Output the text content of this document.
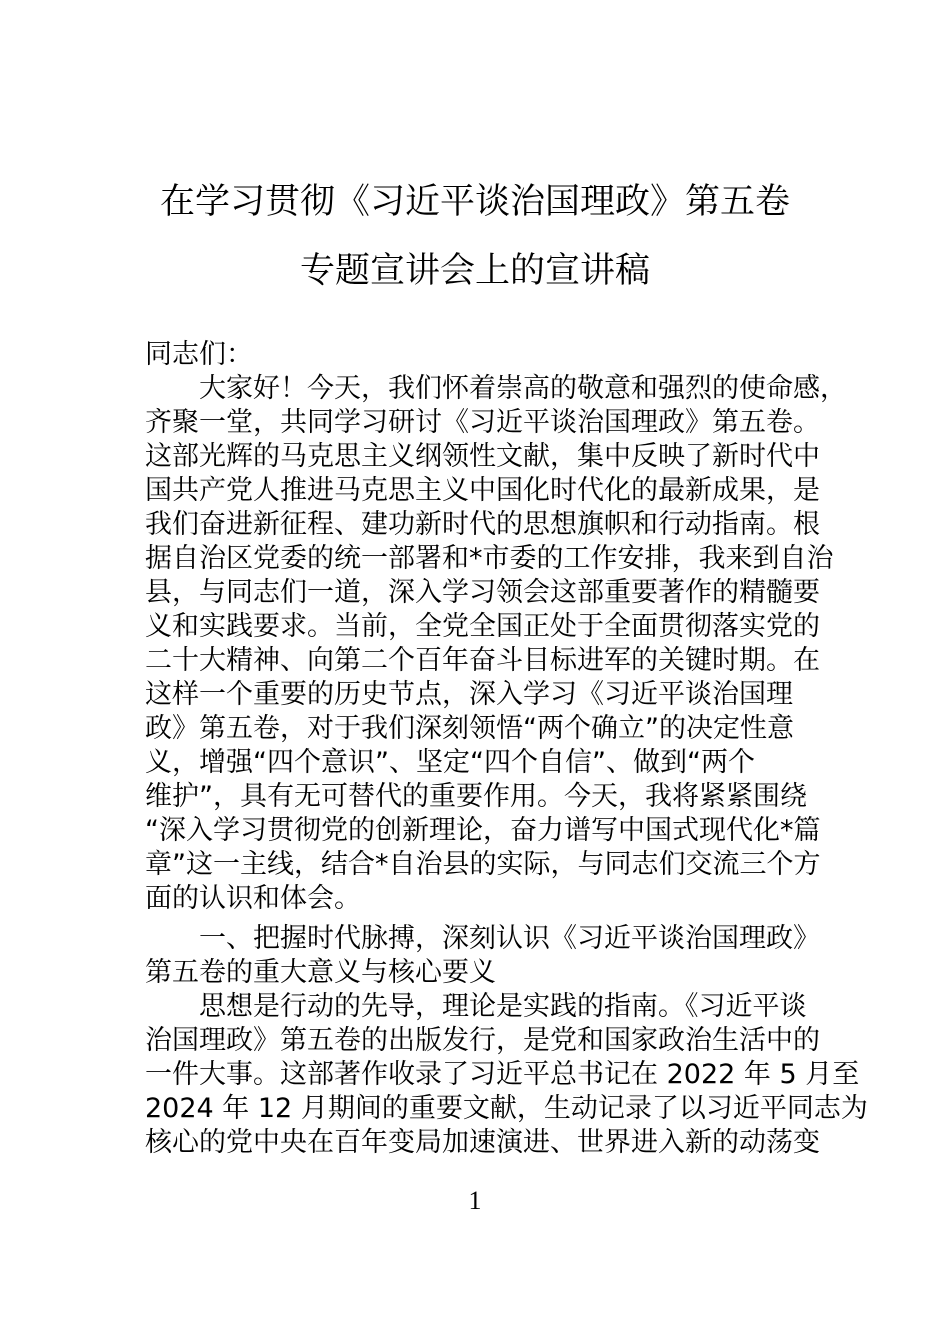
在学习贯彻《习近平谈治国理政》第五卷
专题宣讲会上的宣讲稿
同志们：
大家好！今天，我们怀着崇高的敬意和强烈的使命感，
齐聚一堂，共同学习研讨《习近平谈治国理政》第五卷。
这部光辉的马克思主义纲领性文献，集中反映了新时代中
国共产党人推进马克思主义中国化时代化的最新成果，是
我们奋进新征程、建功新时代的思想旗帜和行动指南。根
据自治区党委的统一部署和*市委的工作安排，我来到自治
县，与同志们一道，深入学习领会这部重要著作的精髓要
义和实践要求。当前，全党全国正处于全面贯彻落实党的
二十大精神、向第二个百年奋斗目标进军的关键时期。在
这样一个重要的历史节点，深入学习《习近平谈治国理
政》第五卷，对于我们深刻领悟“两个确立”的决定性意
义，增强“四个意识”、坚定“四个自信”、做到“两个
维护”，具有无可替代的重要作用。今天，我将紧紧围绕
“深入学习贯彻党的创新理论，奋力谱写中国式现代化*篇
章”这一主线，结合*自治县的实际，与同志们交流三个方
面的认识和体会。
一、把握时代脉搏，深刻认识《习近平谈治国理政》
第五卷的重大意义与核心要义
思想是行动的先导，理论是实践的指南。《习近平谈
治国理政》第五卷的出版发行，是党和国家政治生活中的
一件大事。这部著作收录了习近平总书记在 2022 年 5 月至
2024 年 12 月期间的重要文献，生动记录了以习近平同志为
核心的党中央在百年变局加速演进、世界进入新的动荡变
1
